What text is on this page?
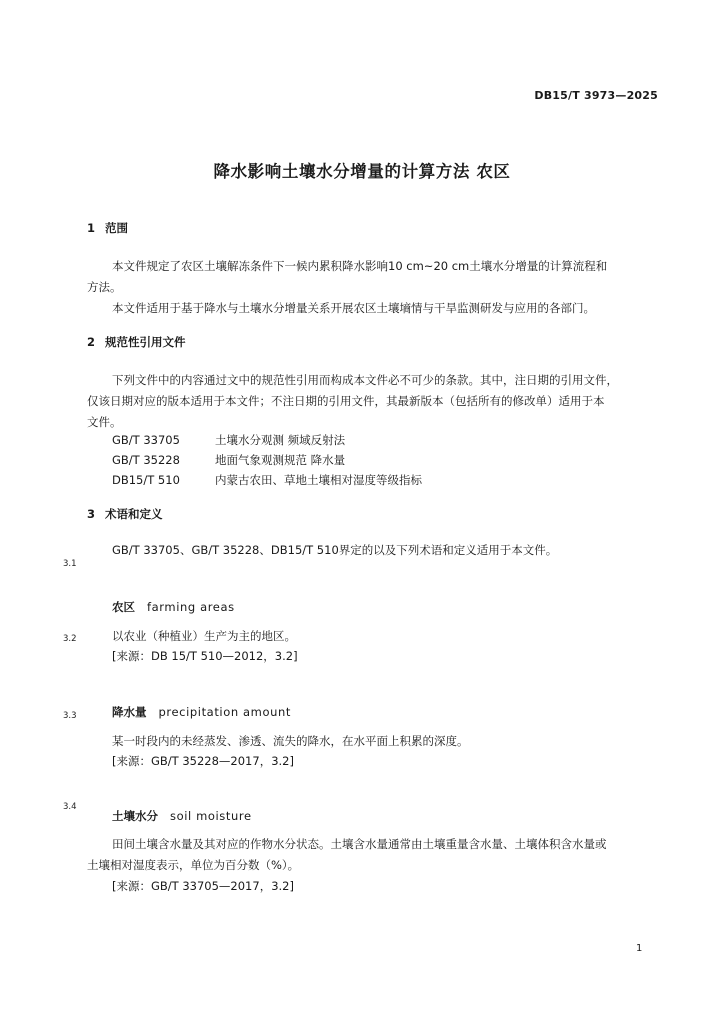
DB15/T 3973—2025
降水影响土壤水分增量的计算方法 农区
1 范围
本文件规定了农区土壤解冻条件下一候内累积降水影响10 cm~20 cm土壤水分增量的计算流程和
方法。
本文件适用于基于降水与土壤水分增量关系开展农区土壤墒情与干旱监测研发与应用的各部门。
2 规范性引用文件
下列文件中的内容通过文中的规范性引用而构成本文件必不可少的条款。其中，注日期的引用文件，
仅该日期对应的版本适用于本文件；不注日期的引用文件，其最新版本（包括所有的修改单）适用于本
文件。
GB/T 33705	土壤水分观测 频域反射法
GB/T 35228	地面气象观测规范 降水量
DB15/T 510	内蒙古农田、草地土壤相对湿度等级指标
3 术语和定义
GB/T 33705、GB/T 35228、DB15/T 510界定的以及下列术语和定义适用于本文件。
3.1
农区 farming areas
3.2	以农业（种植业）生产为主的地区。
[来源：DB 15/T 510—2012，3.2]
3.3	降水量 precipitation amount
某一时段内的未经蒸发、渗透、流失的降水，在水平面上积累的深度。
[来源：GB/T 35228—2017，3.2]
3.4
土壤水分 soil moisture
田间土壤含水量及其对应的作物水分状态。土壤含水量通常由土壤重量含水量、土壤体积含水量或
土壤相对湿度表示，单位为百分数（%）。
[来源：GB/T 33705—2017，3.2]
1
